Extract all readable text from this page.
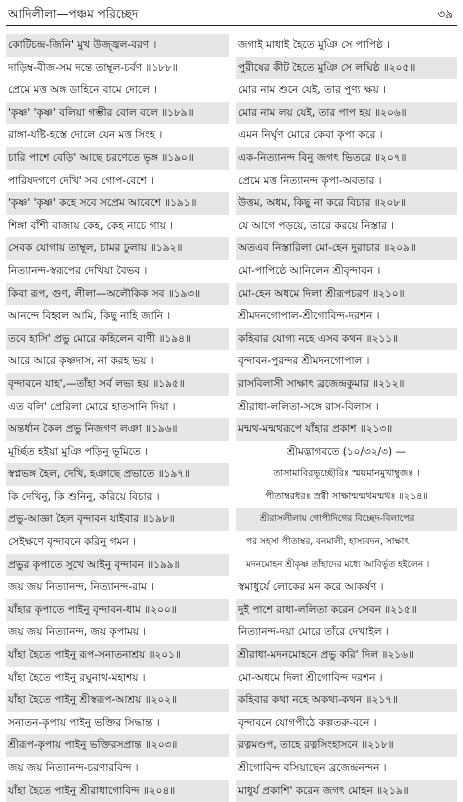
আদিলীলা—পঞ্চম পরিচ্ছেদ	৩৯
কোটিচন্দ্র-জিনি' মুখ উজ্জ্বল-বরণ ।
দাড়িম্ব-বীজ-সম দন্তে তাম্বূল-চর্বণ ॥১৮৮॥
প্রেমে মত্ত অঙ্গ ডাহিনে বামে দোলে ।
'কৃষ্ণ' 'কৃষ্ণ' বলিয়া গম্ভীর বোল বলে ॥১৮৯॥
রাঙ্গা-যষ্টি-হস্তে দোলে যেন মত্ত সিংহ ।
চারি পাশে বেড়ি' আছে চরণেতে ভৃঙ্গ ॥১৯০॥
পারিষদগণে দেখি' সব গোপ-বেশে ।
'কৃষ্ণ' 'কৃষ্ণ' কহে সবে সপ্রেম আবেশে ॥১৯১॥
শিঙ্গা বাঁশী বাজায় কেহ, কেহ নাচে গায় ।
সেবক যোগায় তাম্বূল, চামর ঢুলায় ॥১৯২॥
নিত্যানন্দ-স্বরূপের দেখিয়া বৈভব ।
কিবা রূপ, গুণ, লীলা—অলৌকিক সব ॥১৯৩॥
আনন্দে বিহ্বল আমি, কিছু নাহি জানি ।
তবে হাসি' প্রভু মোরে কহিলেন বাণী ॥১৯৪॥
আরে আরে কৃষ্ণদাস, না করহ ভয় ।
বৃন্দাবনে যাহ',—তাঁহা সর্ব লভ্য হয় ॥১৯৫॥
এত বলি' প্রেরিলা মোরে হাতসানি দিয়া ।
অন্তর্ধান কৈল প্রভু নিজগণ লঞা ॥১৯৬॥
মূর্চ্ছিত হইয়া মুঞি পড়িনু ভূমিতে ।
স্বপ্নভঙ্গ হৈল, দেখি, হঞাছে প্রভাতে ॥১৯৭॥
কি দেখিনু, কি শুনিনু, করিয়ে বিচার ।
প্রভু-আজ্ঞা হৈল বৃন্দাবন যাইবার ॥১৯৮॥
সেইক্ষণে বৃন্দাবনে করিনু গমন ।
প্রভুর কৃপাতে সুখে আইনু বৃন্দাবন ॥১৯৯॥
জয় জয় নিত্যানন্দ, নিত্যানন্দ-রাম ।
যাঁহার কৃপাতে পাইনু বৃন্দাবন-ধাম ॥২০০॥
জয় জয় নিত্যানন্দ, জয় কৃপাময় ।
যাঁহা হৈতে পাইনু রূপ-সনাতনাশ্রয় ॥২০১॥
যাঁহা হৈতে পাইনু রঘুনাথ-মহাশয় ।
যাঁহা হৈতে পাইনু শ্রীস্বরূপ-আশ্রয় ॥২০২॥
সনাতন-কৃপায় পাইনু ভক্তির সিদ্ধান্ত ।
শ্রীরূপ-কৃপায় পাইনু ভক্তিরসপ্রান্ত ॥২০৩॥
জয় জয় নিত্যানন্দ-চরণারবিন্দ ।
যাঁহা হৈতে পাইনু শ্রীরাধাগোবিন্দ ॥২০৪॥
জগাই মাধাই হৈতে মুঞি সে পাপিষ্ঠ ।
পুরীষের কীট হৈতে মুঞি সে লঘিষ্ঠ ॥২০৫॥
মোর নাম শুনে যেই, তার পুণ্য ক্ষয় ।
মোর নাম লয় যেই, তার পাপ হয় ॥২০৬॥
এমন নির্ঘৃণ মোরে কেবা কৃপা করে ।
এক-নিত্যানন্দ বিনু জগৎ ভিতরে ॥২০৭॥
প্রেমে মত্ত নিত্যানন্দ কৃপা-অবতার ।
উত্তম, অধম, কিছু না করে বিচার ॥২০৮॥
যে আগে পড়য়ে, তারে করয়ে নিস্তার ।
অতএব নিস্তারিলা মো-হেন দুরাচার ॥২০৯॥
মো-পাপিষ্ঠে আনিলেন শ্রীবৃন্দাবন ।
মো-হেন অধমে দিলা শ্রীরূপচরণ ॥২১০॥
শ্রীমদনগোপাল-শ্রীগোবিন্দ-দরশন ।
কহিবার যোগ্য নহে এসব কথন ॥২১১॥
বৃন্দাবন-পুরন্দর শ্রীমদনগোপাল ।
রাসবিলাসী সাক্ষাৎ ব্রজেন্দ্রকুমার ॥২১২॥
শ্রীরাধা-ললিতা-সঙ্গে রাস-বিলাস ।
মন্মথ-মন্মথরূপে যাঁহার প্রকাশ ॥২১৩॥
শ্রীমদ্ভাগবতে (১০/৩২/৩) —
তাসামাবিরভূচ্ছৌরিঃ স্ময়মানমুখাম্বুজঃ ।
পীতাম্বরধরঃ স্রগ্বী সাক্ষান্মন্মথমন্মথঃ ॥২১৪॥
শ্রীরাসলীলায় গোপীদিগের বিচ্ছেদ-বিলাপের
পর সহসা পীতাম্বর, বনমালী, হাস্যবদন, সাক্ষাৎ
মদনমোহন শ্রীকৃষ্ণ তাঁহাদের মধ্যে আবির্ভূত হইলেন ।
স্বমাধুর্যে লোকের মন করে আকর্ষণ ।
দুই পাশে রাধা-ললিতা করেন সেবন ॥২১৫॥
নিত্যানন্দ-দয়া মোরে তাঁরে দেখাইল ।
শ্রীরাধা-মদনমোহনে প্রভু করি' দিল ॥২১৬॥
মো-অধমে দিলা শ্রীগোবিন্দ দরশন ।
কহিবার কথা নহে অকথ্য-কথন ॥২১৭॥
বৃন্দাবনে যোগপীঠে কল্পতরু-বনে ।
রত্নমণ্ডপ, তাহে রত্নসিংহাসনে ॥২১৮॥
শ্রীগোবিন্দ বসিয়াছেন ব্রজেন্দ্রনন্দন ।
মাধুর্য প্রকাশি' করেন জগৎ মোহন ॥২১৯॥
